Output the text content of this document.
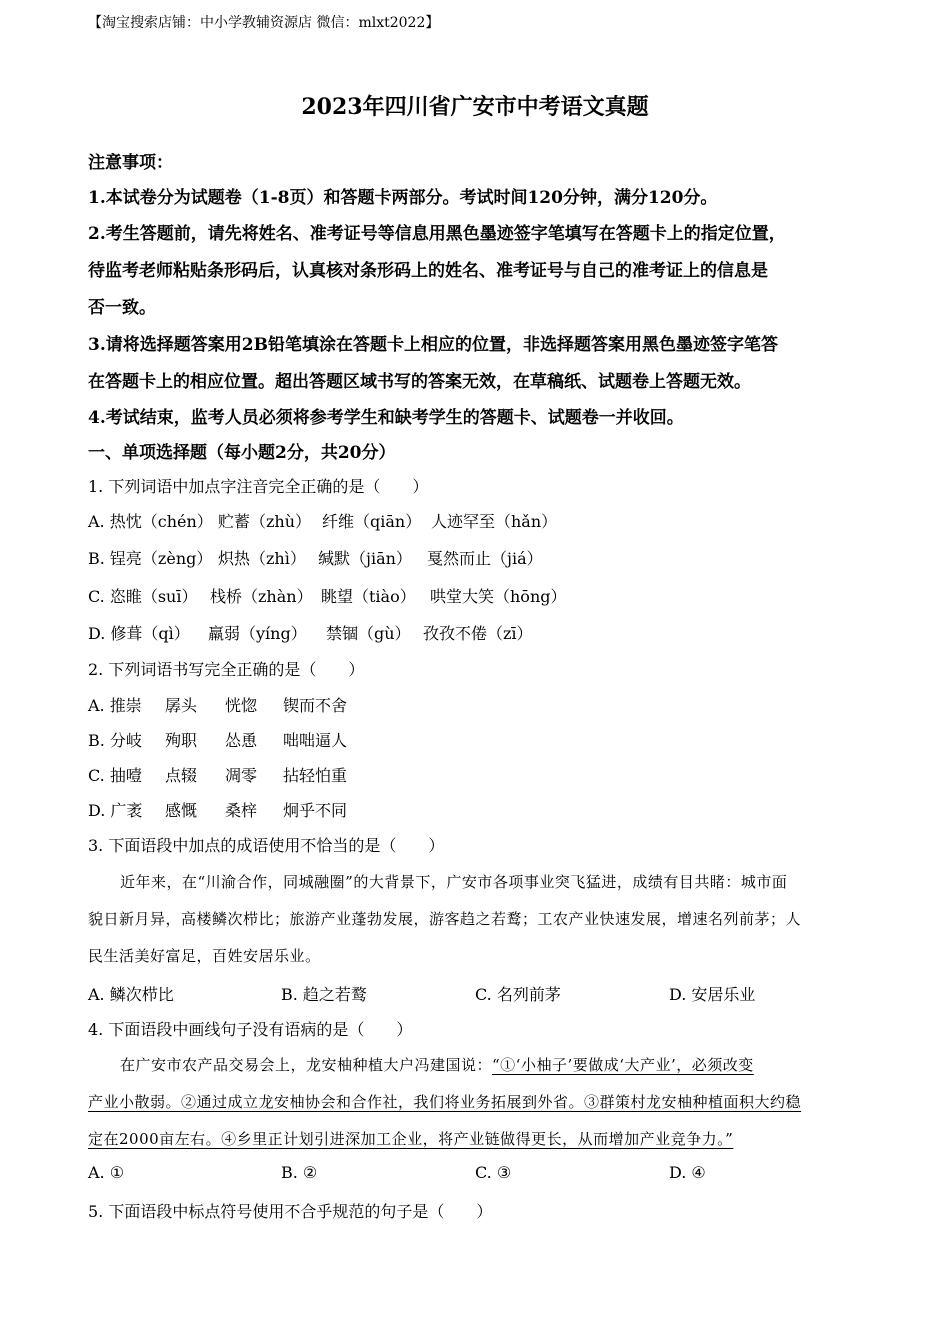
【淘宝搜索店铺：中小学教辅资源店 微信：mlxt2022】
2023年四川省广安市中考语文真题
注意事项：
1.本试卷分为试题卷（1-8页）和答题卡两部分。考试时间120分钟，满分120分。
2.考生答题前，请先将姓名、准考证号等信息用黑色墨迹签字笔填写在答题卡上的指定位置，
待监考老师粘贴条形码后，认真核对条形码上的姓名、准考证号与自己的准考证上的信息是
否一致。
3.请将选择题答案用2B铅笔填涂在答题卡上相应的位置，非选择题答案用黑色墨迹签字笔答
在答题卡上的相应位置。超出答题区域书写的答案无效，在草稿纸、试题卷上答题无效。
4.考试结束，监考人员必须将参考学生和缺考学生的答题卡、试题卷一并收回。
一、单项选择题（每小题2分，共20分）
1. 下列词语中加点字注音完全正确的是（　　）
A. 热忱（chén） 贮蓄（zhù） 纤维（qiān） 人迹罕至（hǎn）
B. 锃亮（zèng） 炽热（zhì） 缄默（jiān） 戛然而止（jiá）
C. 恣睢（suī） 栈桥（zhàn） 眺望（tiào） 哄堂大笑（hōng）
D. 修葺（qì）	羸弱（yíng）	禁锢（gù） 孜孜不倦（zī）
2. 下列词语书写完全正确的是（　　）
A. 推崇	孱头	恍惚	锲而不舍
B. 分岐	殉职	怂恿	咄咄逼人
C. 抽噎	点辍	凋零	拈轻怕重
D. 广袤	感慨	桑梓	炯乎不同
3. 下面语段中加点的成语使用不恰当的是（　　）
近年来，在“川渝合作，同城融圈”的大背景下，广安市各项事业突飞猛进，成绩有目共睹：城市面
貌日新月异，高楼鳞次栉比；旅游产业蓬勃发展，游客趋之若鹜；工农产业快速发展，增速名列前茅；人
民生活美好富足，百姓安居乐业。
A. 鳞次栉比	B. 趋之若鹜	C. 名列前茅	D. 安居乐业
4. 下面语段中画线句子没有语病的是（　　）
在广安市农产品交易会上，龙安柚种植大户冯建国说：“①‘小柚子’要做成‘大产业’，必须改变
产业小散弱。②通过成立龙安柚协会和合作社，我们将业务拓展到外省。③群策村龙安柚种植面积大约稳
定在2000亩左右。④乡里正计划引进深加工企业，将产业链做得更长，从而增加产业竞争力。”
A. ①	B. ②	C. ③	D. ④
5. 下面语段中标点符号使用不合乎规范的句子是（　　）
